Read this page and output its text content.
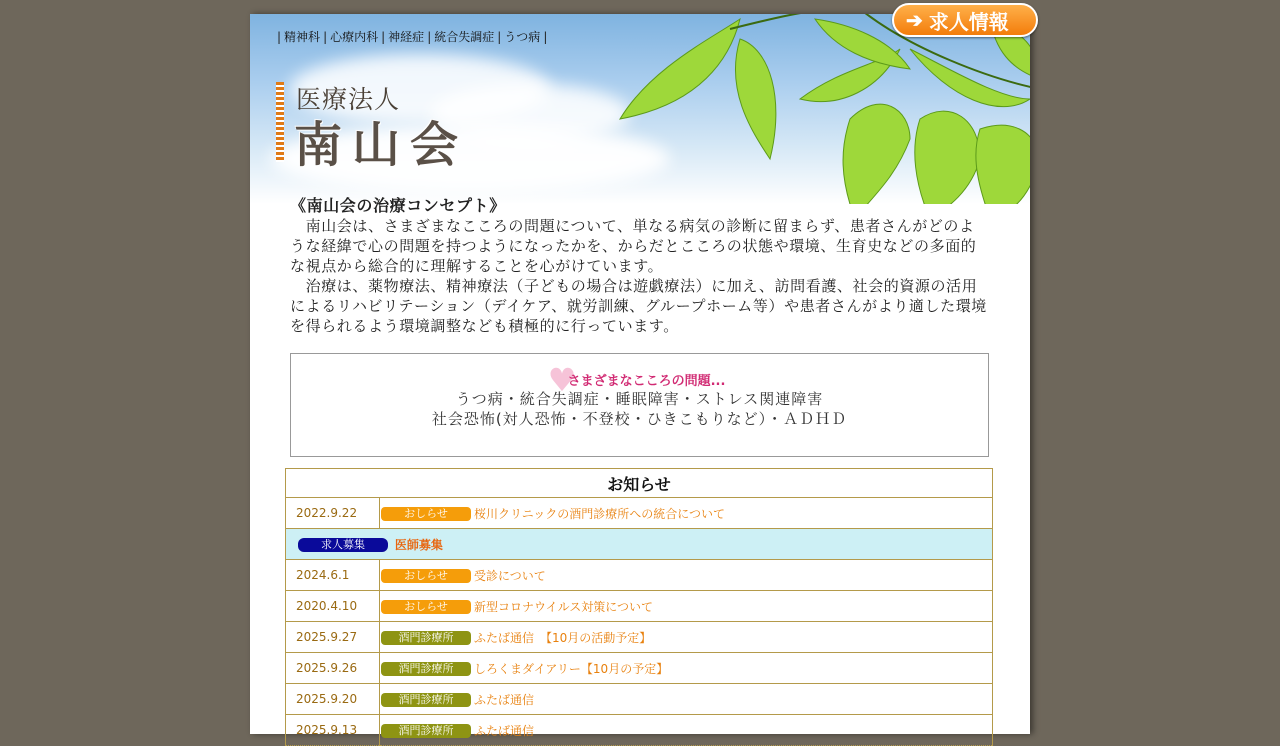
➔ 求人情報
| 精神科 | 心療内科 | 神経症 | 統合失調症 | うつ病 |
医療法人
南山会
《南山会の治療コンセプト》

　南山会は、さまざまなこころの問題について、単なる病気の診断に留まらず、患者さんがどのような経緯で心の問題を持つようになったかを、からだとこころの状態や環境、生育史などの多面的な視点から総合的に理解することを心がけています。

　治療は、薬物療法、精神療法（子どもの場合は遊戯療法）に加え、訪問看護、社会的資源の活用によるリハビリテーション（デイケア、就労訓練、グループホーム等）や患者さんがより適した環境を得られるよう環境調整なども積極的に行っています。

♥
さまざまなこころの問題...
うつ病・統合失調症・睡眠障害・ストレス関連障害
社会恐怖(対人恐怖・不登校・ひきこもりなど）・ＡＤＨＤ
お知らせ	
2022.9.22	おしらせ 桜川クリニックの酒門診療所への統合について
求人募集 医師募集	
2024.6.1	おしらせ 受診について
2020.4.10	おしらせ 新型コロナウイルス対策について
2025.9.27	酒門診療所 ふたば通信　【10月の活動予定】
2025.9.26	酒門診療所 しろくまダイアリー【10月の予定】
2025.9.20	酒門診療所 ふたば通信
2025.9.13	酒門診療所 ふたば通信
